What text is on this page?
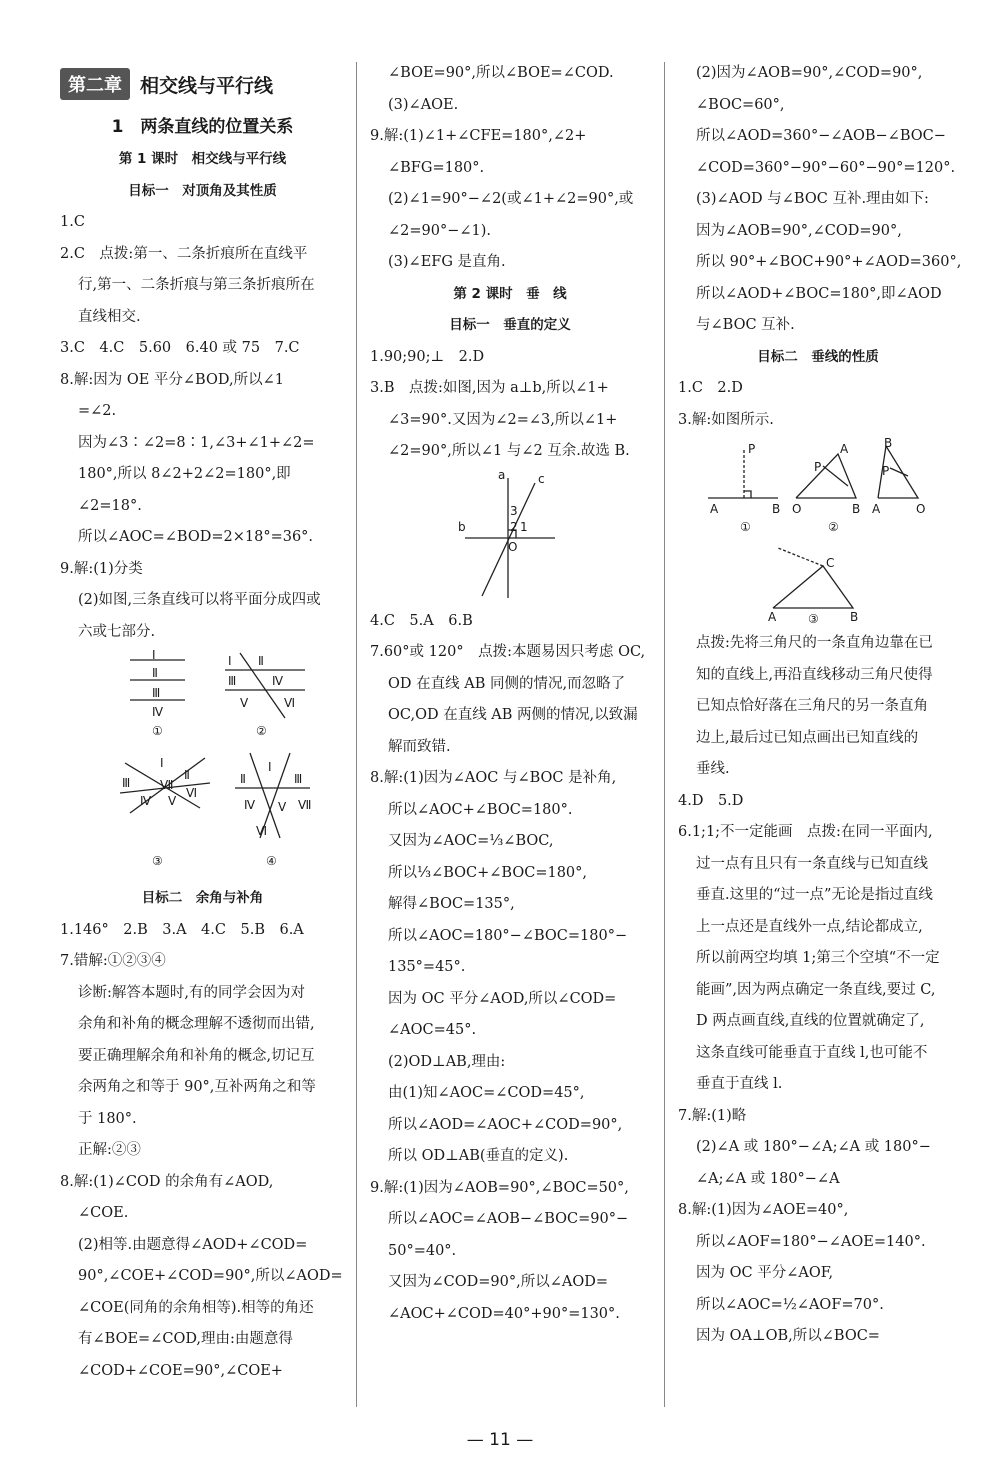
第二章 相交线与平行线
1　两条直线的位置关系
第 1 课时　相交线与平行线
目标一　对顶角及其性质
1.C
2.C　点拨:第一、二条折痕所在直线平
行,第一、二条折痕与第三条折痕所在
直线相交.
3.C　4.C　5.60　6.40 或 75　7.C
8.解:因为 OE 平分∠BOD,所以∠1
=∠2.
因为∠3∶∠2=8∶1,∠3+∠1+∠2=
180°,所以 8∠2+2∠2=180°,即
∠2=18°.
所以∠AOC=∠BOD=2×18°=36°.
9.解:(1)分类
(2)如图,三条直线可以将平面分成四或
六或七部分.
Ⅰ
Ⅱ
Ⅲ
Ⅳ
①
Ⅰ Ⅱ
Ⅲ	Ⅳ
Ⅴ	Ⅵ
②
Ⅰ
Ⅱ
Ⅲ
Ⅳ Ⅴ
Ⅵ
Ⅶ
③
Ⅰ
Ⅱ	Ⅲ
Ⅳ Ⅴ
Ⅵ
Ⅶ
④
目标二　余角与补角
1.146°　2.B　3.A　4.C　5.B　6.A
7.错解:①②③④
诊断:解答本题时,有的同学会因为对
余角和补角的概念理解不透彻而出错,
要正确理解余角和补角的概念,切记互
余两角之和等于 90°,互补两角之和等
于 180°.
正解:②③
8.解:(1)∠COD 的余角有∠AOD,
∠COE.
(2)相等.由题意得∠AOD+∠COD=
90°,∠COE+∠COD=90°,所以∠AOD=
∠COE(同角的余角相等).相等的角还
有∠BOE=∠COD,理由:由题意得
∠COD+∠COE=90°,∠COE+
∠BOE=90°,所以∠BOE=∠COD.
(3)∠AOE.
9.解:(1)∠1+∠CFE=180°,∠2+
∠BFG=180°.
(2)∠1=90°−∠2(或∠1+∠2=90°,或
∠2=90°−∠1).
(3)∠EFG 是直角.
第 2 课时　垂　线
目标一　垂直的定义
1.90;90;⊥　2.D
3.B　点拨:如图,因为 a⊥b,所以∠1+
∠3=90°.又因为∠2=∠3,所以∠1+
∠2=90°,所以∠1 与∠2 互余.故选 B.
a	c
b
3
2 1
O
4.C　5.A　6.B
7.60°或 120°　点拨:本题易因只考虑 OC,
OD 在直线 AB 同侧的情况,而忽略了
OC,OD 在直线 AB 两侧的情况,以致漏
解而致错.
8.解:(1)因为∠AOC 与∠BOC 是补角,
所以∠AOC+∠BOC=180°.
又因为∠AOC=⅓∠BOC,
所以⅓∠BOC+∠BOC=180°,
解得∠BOC=135°,
所以∠AOC=180°−∠BOC=180°−
135°=45°.
因为 OC 平分∠AOD,所以∠COD=
∠AOC=45°.
(2)OD⊥AB,理由:
由(1)知∠AOC=∠COD=45°,
所以∠AOD=∠AOC+∠COD=90°,
所以 OD⊥AB(垂直的定义).
9.解:(1)因为∠AOB=90°,∠BOC=50°,
所以∠AOC=∠AOB−∠BOC=90°−
50°=40°.
又因为∠COD=90°,所以∠AOD=
∠AOC+∠COD=40°+90°=130°.
(2)因为∠AOB=90°,∠COD=90°,
∠BOC=60°,
所以∠AOD=360°−∠AOB−∠BOC−
∠COD=360°−90°−60°−90°=120°.
(3)∠AOD 与∠BOC 互补.理由如下:
因为∠AOB=90°,∠COD=90°,
所以 90°+∠BOC+90°+∠AOD=360°,
所以∠AOD+∠BOC=180°,即∠AOD
与∠BOC 互补.
目标二　垂线的性质
1.C　2.D
3.解:如图所示.
P
A	B
①
A
P
O	B
②
B
P
A	O
③
C
A	B
点拨:先将三角尺的一条直角边靠在已
知的直线上,再沿直线移动三角尺使得
已知点恰好落在三角尺的另一条直角
边上,最后过已知点画出已知直线的
垂线.
4.D　5.D
6.1;1;不一定能画　点拨:在同一平面内,
过一点有且只有一条直线与已知直线
垂直.这里的“过一点”无论是指过直线
上一点还是直线外一点,结论都成立,
所以前两空均填 1;第三个空填“不一定
能画”,因为两点确定一条直线,要过 C,
D 两点画直线,直线的位置就确定了,
这条直线可能垂直于直线 l,也可能不
垂直于直线 l.
7.解:(1)略
(2)∠A 或 180°−∠A;∠A 或 180°−
∠A;∠A 或 180°−∠A
8.解:(1)因为∠AOE=40°,
所以∠AOF=180°−∠AOE=140°.
因为 OC 平分∠AOF,
所以∠AOC=½∠AOF=70°.
因为 OA⊥OB,所以∠BOC=
— 11 —
